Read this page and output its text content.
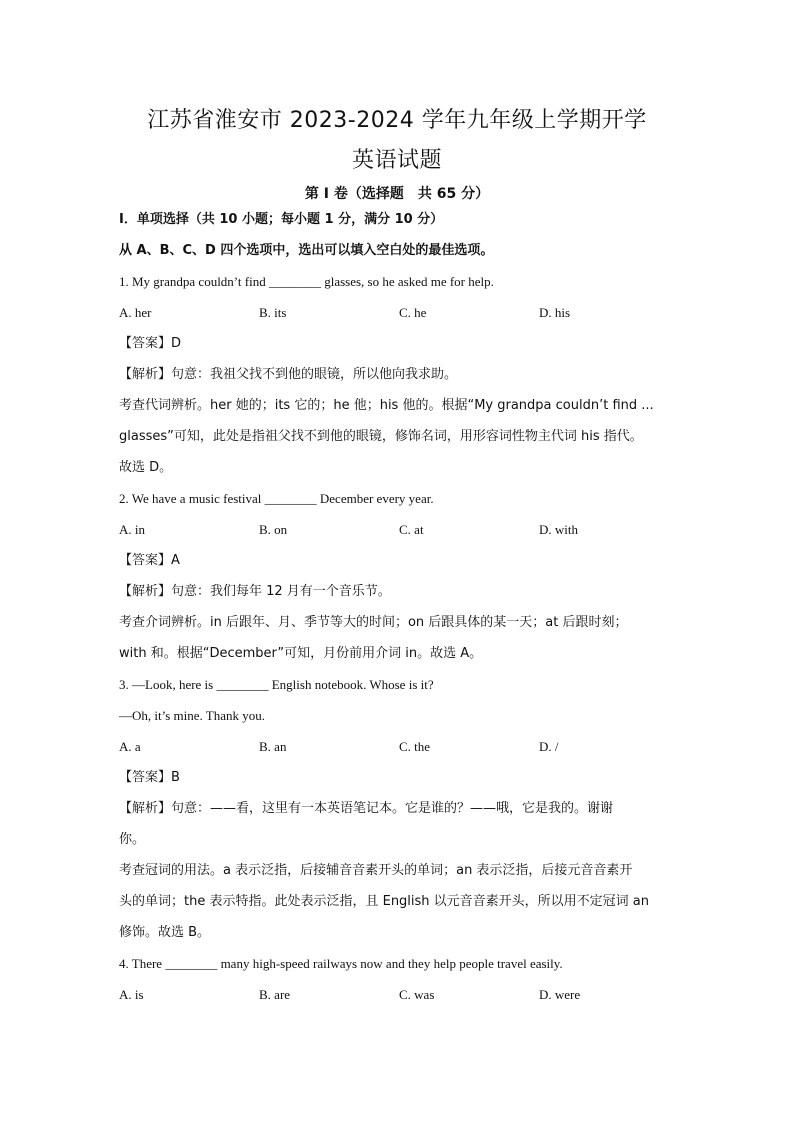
江苏省淮安市 2023-2024 学年九年级上学期开学
英语试题
第 I 卷（选择题　共 65 分）
I．单项选择（共 10 小题；每小题 1 分，满分 10 分）
从 A、B、C、D 四个选项中，选出可以填入空白处的最佳选项。
1. My grandpa couldn’t find ________ glasses, so he asked me for help.
A. her	B. its	C. he	D. his
【答案】D
【解析】句意：我祖父找不到他的眼镜，所以他向我求助。
考查代词辨析。her 她的；its 它的；he 他；his 他的。根据“My grandpa couldn’t find ...
glasses”可知，此处是指祖父找不到他的眼镜，修饰名词，用形容词性物主代词 his 指代。
故选 D。
2. We have a music festival ________ December every year.
A. in	B. on	C. at	D. with
【答案】A
【解析】句意：我们每年 12 月有一个音乐节。
考查介词辨析。in 后跟年、月、季节等大的时间；on 后跟具体的某一天；at 后跟时刻；
with 和。根据“December”可知，月份前用介词 in。故选 A。
3. —Look, here is ________ English notebook. Whose is it?
—Oh, it’s mine. Thank you.
A. a	B. an	C. the	D. /
【答案】B
【解析】句意：——看，这里有一本英语笔记本。它是谁的？——哦，它是我的。谢谢
你。
考查冠词的用法。a 表示泛指，后接辅音音素开头的单词；an 表示泛指，后接元音音素开
头的单词；the 表示特指。此处表示泛指，且 English 以元音音素开头，所以用不定冠词 an
修饰。故选 B。
4. There ________ many high-speed railways now and they help people travel easily.
A. is	B. are	C. was	D. were
